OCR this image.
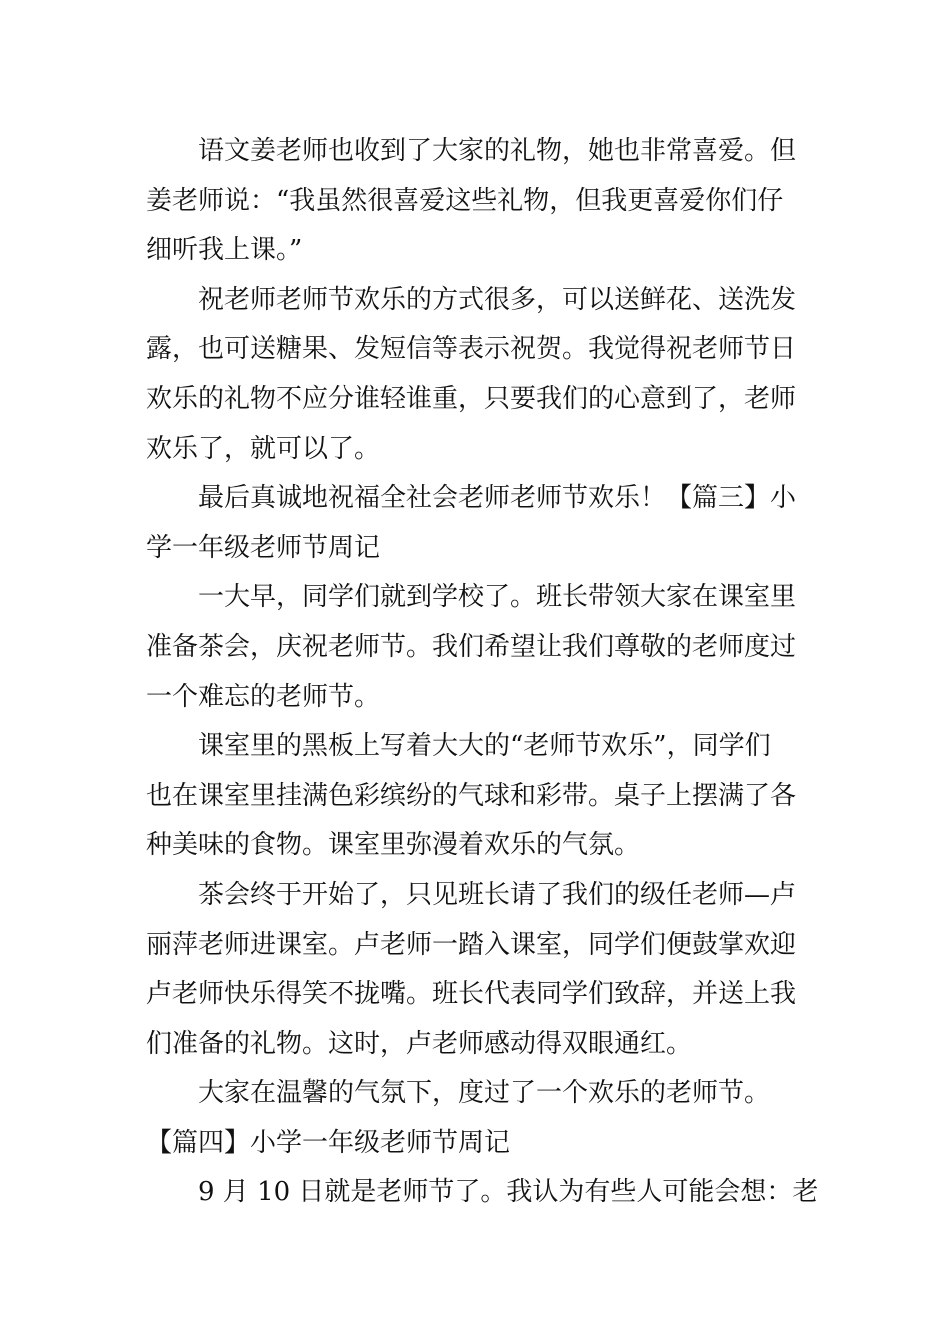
语文姜老师也收到了大家的礼物，她也非常喜爱。但
姜老师说：“我虽然很喜爱这些礼物，但我更喜爱你们仔
细听我上课。”

祝老师老师节欢乐的方式很多，可以送鲜花、送洗发
露，也可送糖果、发短信等表示祝贺。我觉得祝老师节日
欢乐的礼物不应分谁轻谁重，只要我们的心意到了，老师
欢乐了，就可以了。

最后真诚地祝福全社会老师老师节欢乐！【篇三】小
学一年级老师节周记

一大早，同学们就到学校了。班长带领大家在课室里
准备茶会，庆祝老师节。我们希望让我们尊敬的老师度过
一个难忘的老师节。

课室里的黑板上写着大大的“老师节欢乐”，同学们
也在课室里挂满色彩缤纷的气球和彩带。桌子上摆满了各
种美味的食物。课室里弥漫着欢乐的气氛。

茶会终于开始了，只见班长请了我们的级任老师—卢
丽萍老师进课室。卢老师一踏入课室，同学们便鼓掌欢迎
卢老师快乐得笑不拢嘴。班长代表同学们致辞，并送上我
们准备的礼物。这时，卢老师感动得双眼通红。

大家在温馨的气氛下，度过了一个欢乐的老师节。
【篇四】小学一年级老师节周记

9 月 10 日就是老师节了。我认为有些人可能会想：老
